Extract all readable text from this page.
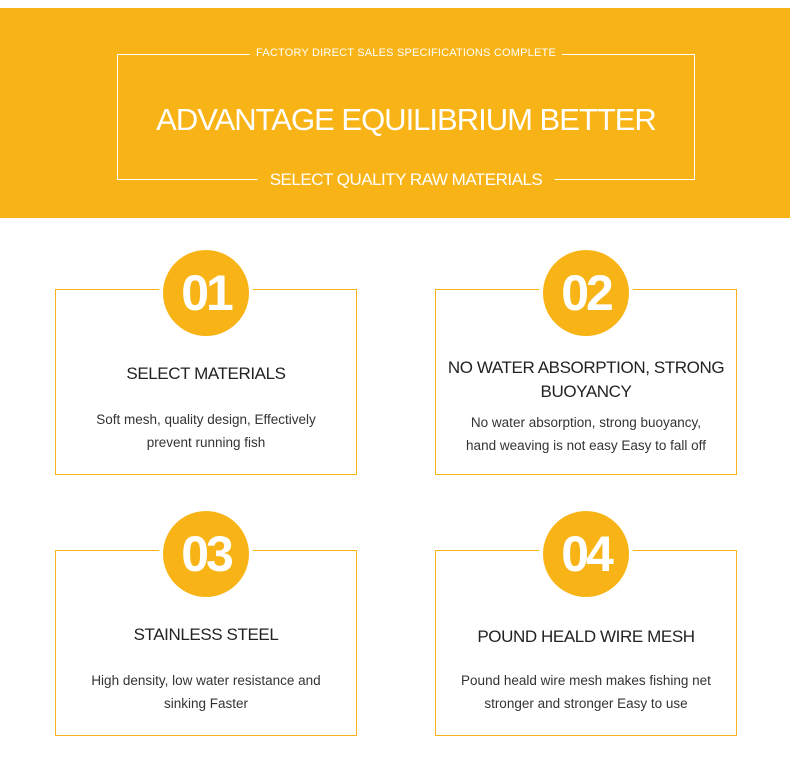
FACTORY DIRECT SALES SPECIFICATIONS COMPLETE
ADVANTAGE EQUILIBRIUM BETTER
SELECT QUALITY RAW MATERIALS
01
SELECT MATERIALS
Soft mesh, quality design, Effectively
prevent running fish
02
NO WATER ABSORPTION, STRONG
BUOYANCY
No water absorption, strong buoyancy,
hand weaving is not easy Easy to fall off
03
STAINLESS STEEL
High density, low water resistance and
sinking Faster
04
POUND HEALD WIRE MESH
Pound heald wire mesh makes fishing net
stronger and stronger Easy to use
